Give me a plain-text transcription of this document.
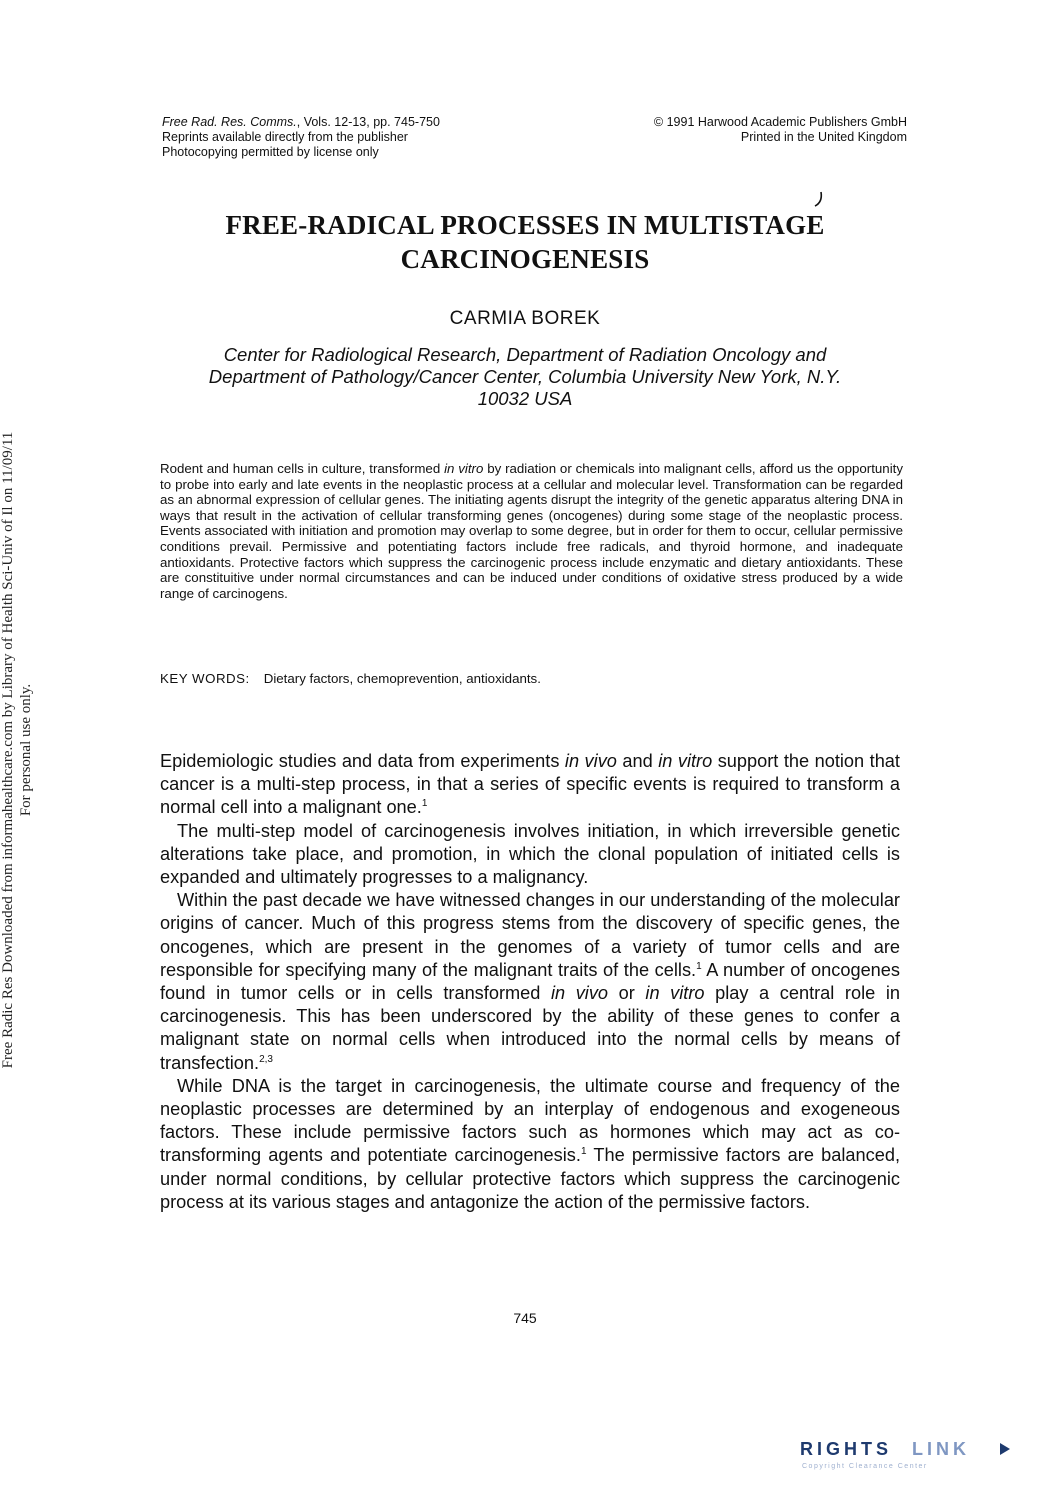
Free Radic Res Downloaded from informahealthcare.com by Library of Health Sci-Univ of Il on 11/09/11 For personal use only.
Free Rad. Res. Comms., Vols. 12-13, pp. 745-750
Reprints available directly from the publisher
Photocopying permitted by license only
© 1991 Harwood Academic Publishers GmbH
Printed in the United Kingdom
FREE-RADICAL PROCESSES IN MULTISTAGE
CARCINOGENESIS
CARMIA BOREK
Center for Radiological Research, Department of Radiation Oncology and
Department of Pathology/Cancer Center, Columbia University New York, N.Y.
10032 USA
Rodent and human cells in culture, transformed in vitro by radiation or chemicals into malignant cells, afford us the opportunity to probe into early and late events in the neoplastic process at a cellular and molecular level. Transformation can be regarded as an abnormal expression of cellular genes. The initiating agents disrupt the integrity of the genetic apparatus altering DNA in ways that result in the activation of cellular transforming genes (oncogenes) during some stage of the neoplastic process. Events associated with initiation and promotion may overlap to some degree, but in order for them to occur, cellular permissive conditions prevail. Permissive and potentiating factors include free radicals, and thyroid hormone, and inadequate antioxidants. Protective factors which suppress the carcinogenic process include enzymatic and dietary antioxidants. These are constituitive under normal circumstances and can be induced under conditions of oxidative stress produced by a wide range of carcinogens.
KEY WORDS: Dietary factors, chemoprevention, antioxidants.

Epidemiologic studies and data from experiments in vivo and in vitro support the notion that cancer is a multi-step process, in that a series of specific events is required to transform a normal cell into a malignant one.$^1$

The multi-step model of carcinogenesis involves initiation, in which irreversible genetic alterations take place, and promotion, in which the clonal population of initiated cells is expanded and ultimately progresses to a malignancy.

Within the past decade we have witnessed changes in our understanding of the molecular origins of cancer. Much of this progress stems from the discovery of specific genes, the oncogenes, which are present in the genomes of a variety of tumor cells and are responsible for specifying many of the malignant traits of the cells.$^1$ A number of oncogenes found in tumor cells or in cells transformed in vivo or in vitro play a central role in carcinogenesis. This has been underscored by the ability of these genes to confer a malignant state on normal cells when introduced into the normal cells by means of transfection.$^{2,3}$

While DNA is the target in carcinogenesis, the ultimate course and frequency of the neoplastic processes are determined by an interplay of endogenous and exogeneous factors. These include permissive factors such as hormones which may act as co-transforming agents and potentiate carcinogenesis.$^1$ The permissive factors are balanced, under normal conditions, by cellular protective factors which suppress the carcinogenic process at its various stages and antagonize the action of the permissive factors.

745
RIGHTS LINK
Copyright Clearance Center
